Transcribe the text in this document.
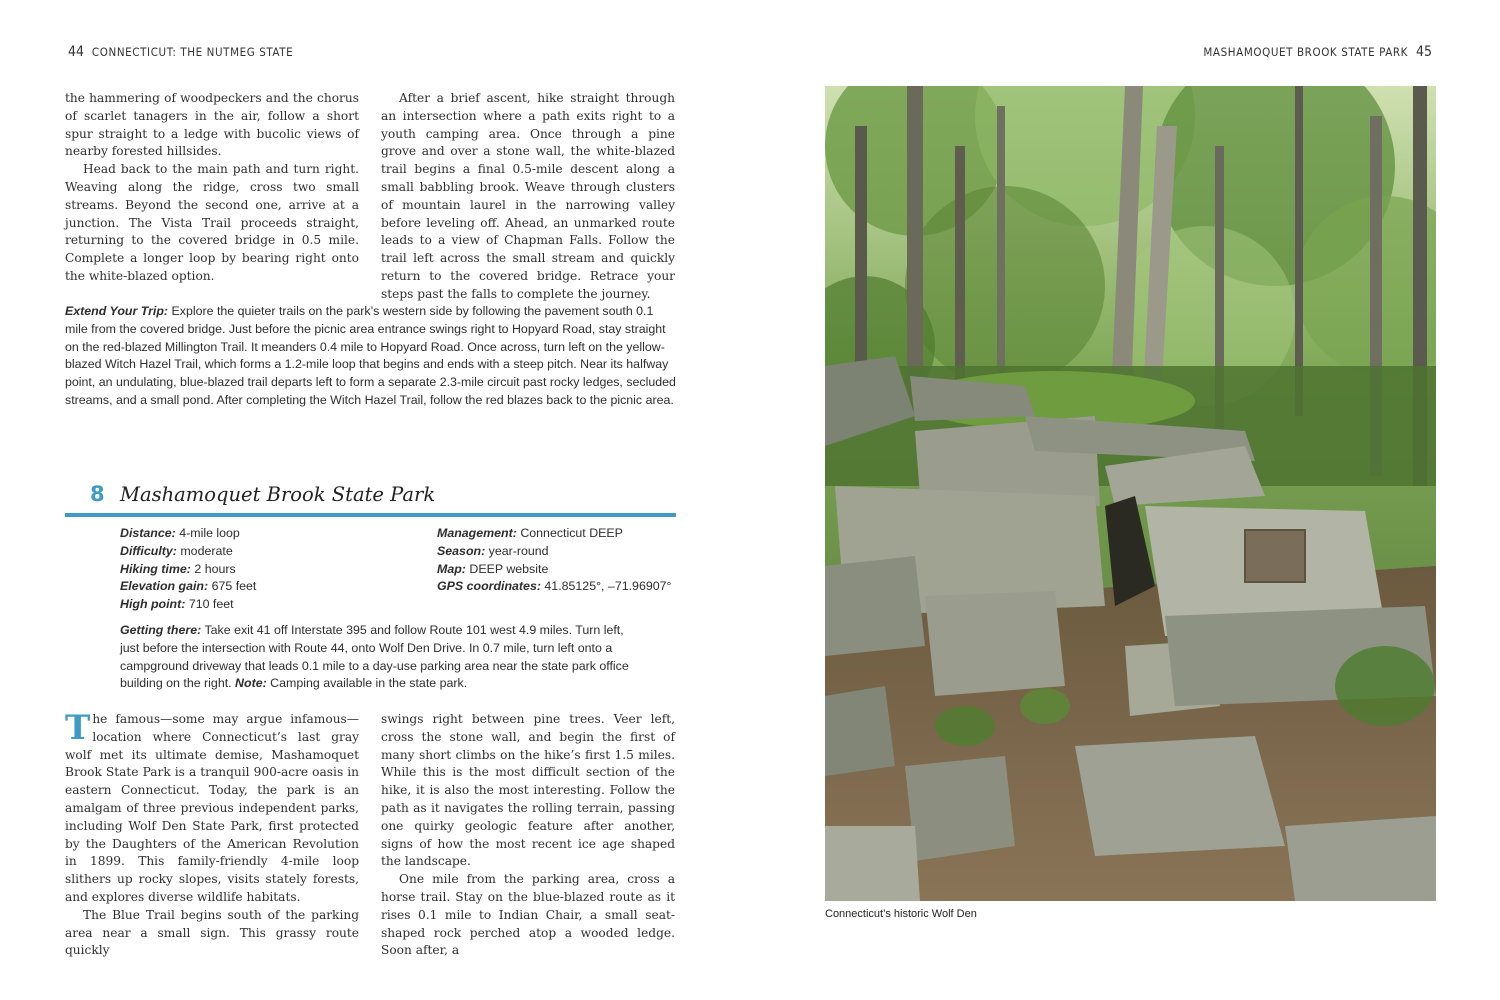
44 CONNECTICUT: THE NUTMEG STATE

the hammering of woodpeckers and the chorus of scarlet tanagers in the air, follow a short spur straight to a ledge with bucolic views of nearby forested hillsides.

Head back to the main path and turn right. Weaving along the ridge, cross two small streams. Beyond the second one, arrive at a junction. The Vista Trail proceeds straight, returning to the covered bridge in 0.5 mile. Complete a longer loop by bearing right onto the white-blazed option.

After a brief ascent, hike straight through an intersection where a path exits right to a youth camping area. Once through a pine grove and over a stone wall, the white-blazed trail begins a final 0.5-mile descent along a small babbling brook. Weave through clusters of mountain laurel in the narrowing valley before leveling off. Ahead, an unmarked route leads to a view of Chapman Falls. Follow the trail left across the small stream and quickly return to the covered bridge. Retrace your steps past the falls to complete the journey.

Extend Your Trip: Explore the quieter trails on the park’s western side by following the pavement south 0.1 mile from the covered bridge. Just before the picnic area entrance swings right to Hopyard Road, stay straight on the red-blazed Millington Trail. It meanders 0.4 mile to Hopyard Road. Once across, turn left on the yellow-blazed Witch Hazel Trail, which forms a 1.2-mile loop that begins and ends with a steep pitch. Near its halfway point, an undulating, blue-blazed trail departs left to form a separate 2.3-mile circuit past rocky ledges, secluded streams, and a small pond. After completing the Witch Hazel Trail, follow the red blazes back to the picnic area.
8 Mashamoquet Brook State Park
Distance: 4-mile loop
Difficulty: moderate
Hiking time: 2 hours
Elevation gain: 675 feet
High point: 710 feet
Management: Connecticut DEEP
Season: year-round
Map: DEEP website
GPS coordinates: 41.85125°, –71.96907°
Getting there: Take exit 41 off Interstate 395 and follow Route 101 west 4.9 miles. Turn left, just before the intersection with Route 44, onto Wolf Den Drive. In 0.7 mile, turn left onto a campground driveway that leads 0.1 mile to a day-use parking area near the state park office building on the right. Note: Camping available in the state park.

The famous—some may argue infamous—location where Connecticut’s last gray wolf met its ultimate demise, Mashamoquet Brook State Park is a tranquil 900-acre oasis in eastern Connecticut. Today, the park is an amalgam of three previous independent parks, including Wolf Den State Park, first protected by the Daughters of the American Revolution in 1899. This family-friendly 4-mile loop slithers up rocky slopes, visits stately forests, and explores diverse wildlife habitats.

The Blue Trail begins south of the parking area near a small sign. This grassy route quickly

swings right between pine trees. Veer left, cross the stone wall, and begin the first of many short climbs on the hike’s first 1.5 miles. While this is the most difficult section of the hike, it is also the most interesting. Follow the path as it navigates the rolling terrain, passing one quirky geologic feature after another, signs of how the most recent ice age shaped the landscape.

One mile from the parking area, cross a horse trail. Stay on the blue-blazed route as it rises 0.1 mile to Indian Chair, a small seat-shaped rock perched atop a wooded ledge. Soon after, a

MASHAMOQUET BROOK STATE PARK 45
Connecticut’s historic Wolf Den
